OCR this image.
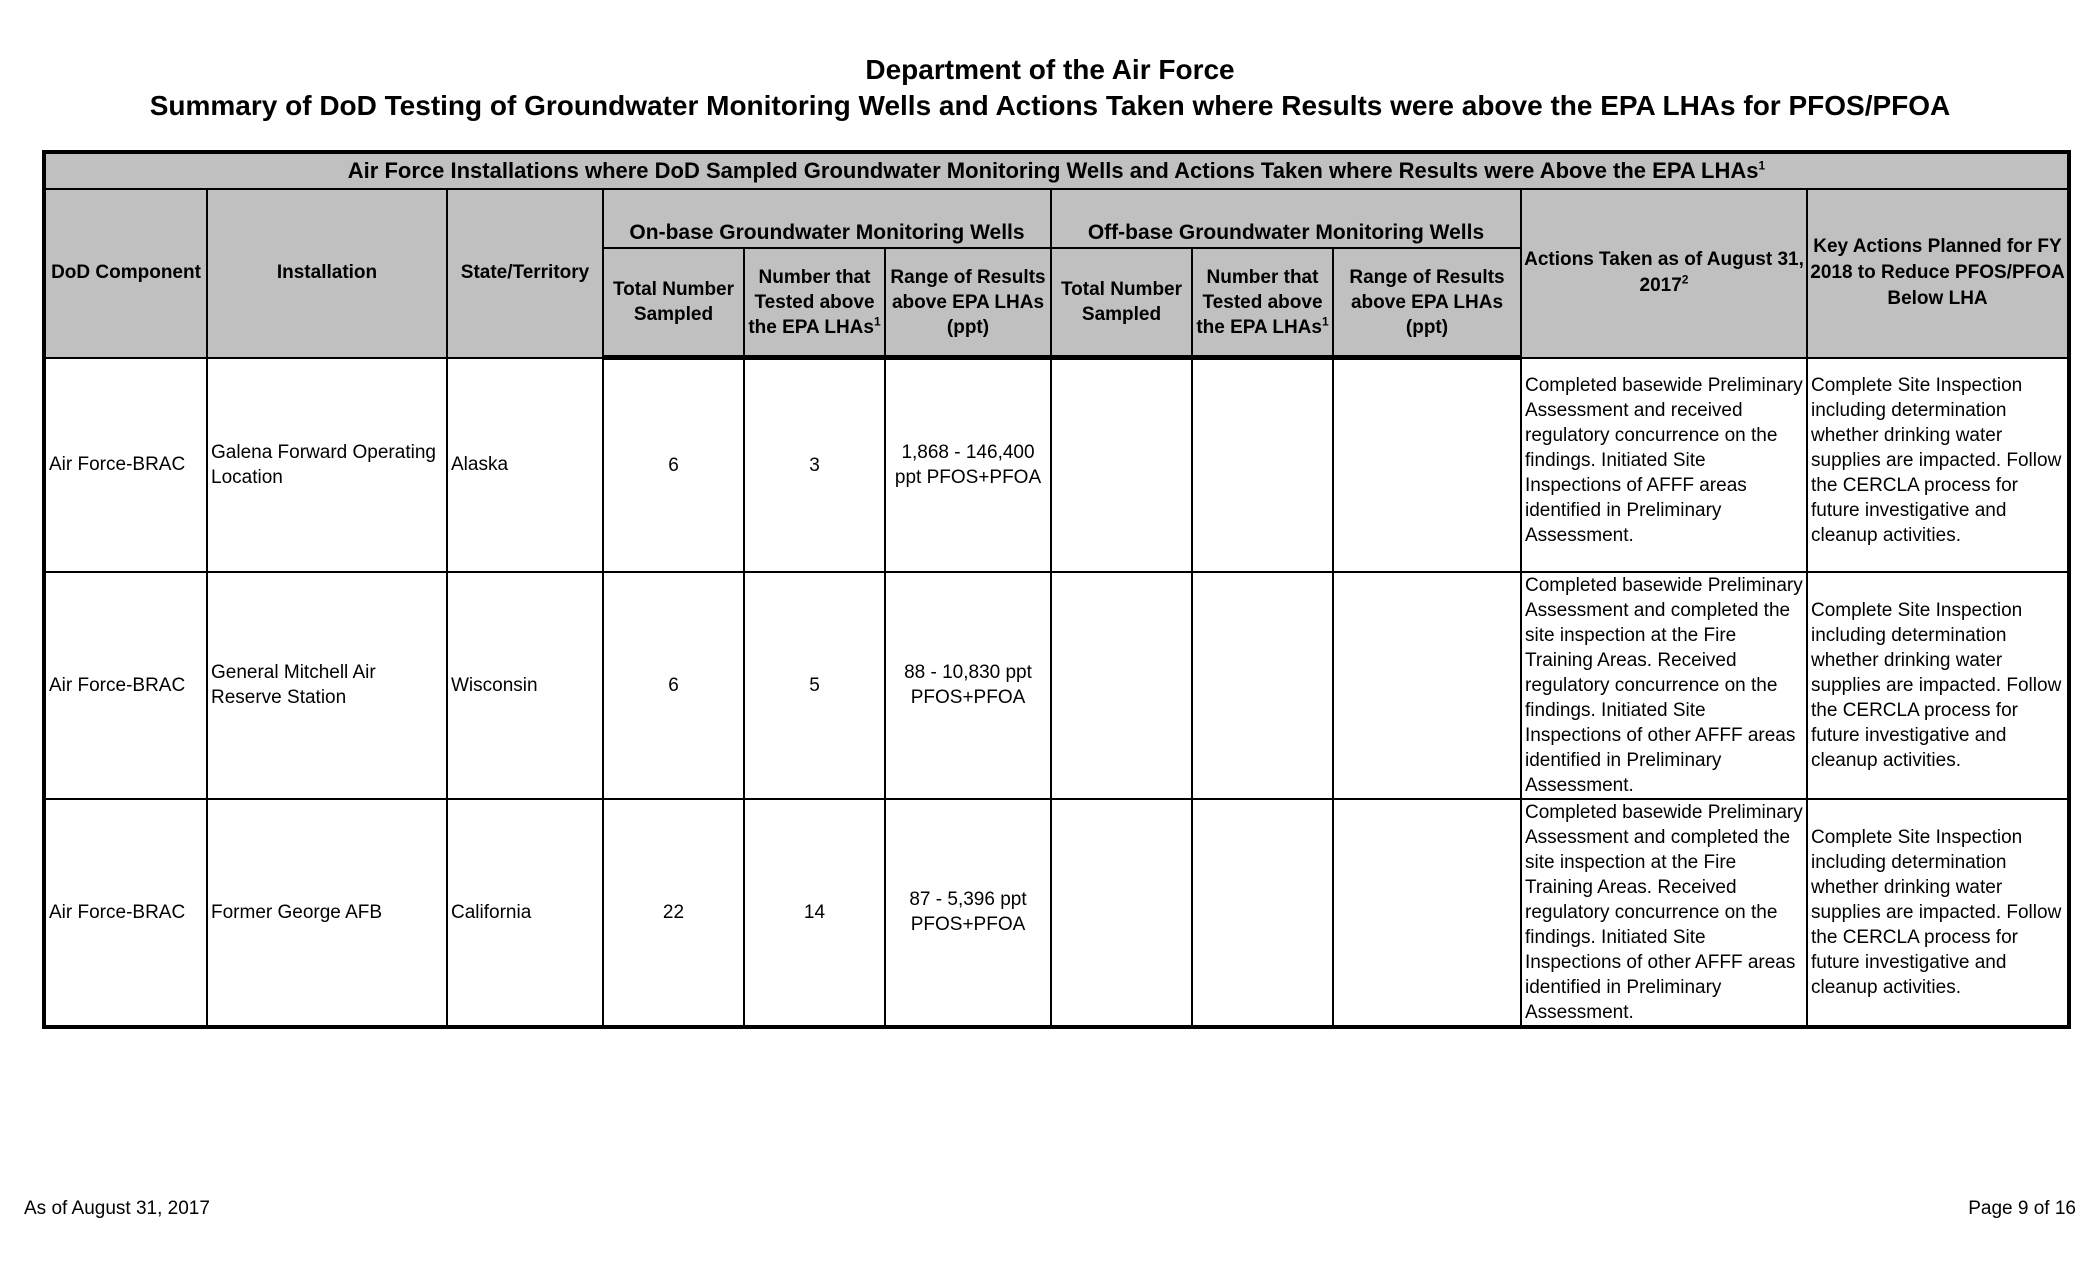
Department of the Air Force
Summary of DoD Testing of Groundwater Monitoring Wells and Actions Taken where Results were above the EPA LHAs for PFOS/PFOA
Air Force Installations where DoD Sampled Groundwater Monitoring Wells and Actions Taken where Results were Above the EPA LHAs$^1$
DoD Component	Installation	State/Territory	On-base Groundwater Monitoring Wells			Off-base Groundwater Monitoring Wells			Actions Taken as of August 31, 2017$^2$	Key Actions Planned for FY 2018 to Reduce PFOS/PFOA Below LHA
			Total Number Sampled	Number that Tested above the EPA LHAs$^1$	Range of Results above EPA LHAs (ppt)	Total Number Sampled	Number that Tested above the EPA LHAs$^1$	Range of Results above EPA LHAs (ppt)		
Air Force-BRAC	Galena Forward Operating Location	Alaska	6	3	1,868 - 146,400 ppt PFOS+PFOA				Completed basewide Preliminary Assessment and received regulatory concurrence on the findings. Initiated Site Inspections of AFFF areas identified in Preliminary Assessment.	Complete Site Inspection including determination whether drinking water supplies are impacted. Follow the CERCLA process for future investigative and cleanup activities.
Air Force-BRAC	General Mitchell Air Reserve Station	Wisconsin	6	5	88 - 10,830 ppt PFOS+PFOA				Completed basewide Preliminary Assessment and completed the site inspection at the Fire Training Areas. Received regulatory concurrence on the findings. Initiated Site Inspections of other AFFF areas identified in Preliminary Assessment.	Complete Site Inspection including determination whether drinking water supplies are impacted. Follow the CERCLA process for future investigative and cleanup activities.
Air Force-BRAC	Former George AFB	California	22	14	87 - 5,396 ppt PFOS+PFOA				Completed basewide Preliminary Assessment and completed the site inspection at the Fire Training Areas. Received regulatory concurrence on the findings. Initiated Site Inspections of other AFFF areas identified in Preliminary Assessment.	Complete Site Inspection including determination whether drinking water supplies are impacted. Follow the CERCLA process for future investigative and cleanup activities.
As of August 31, 2017	Page 9 of 16
